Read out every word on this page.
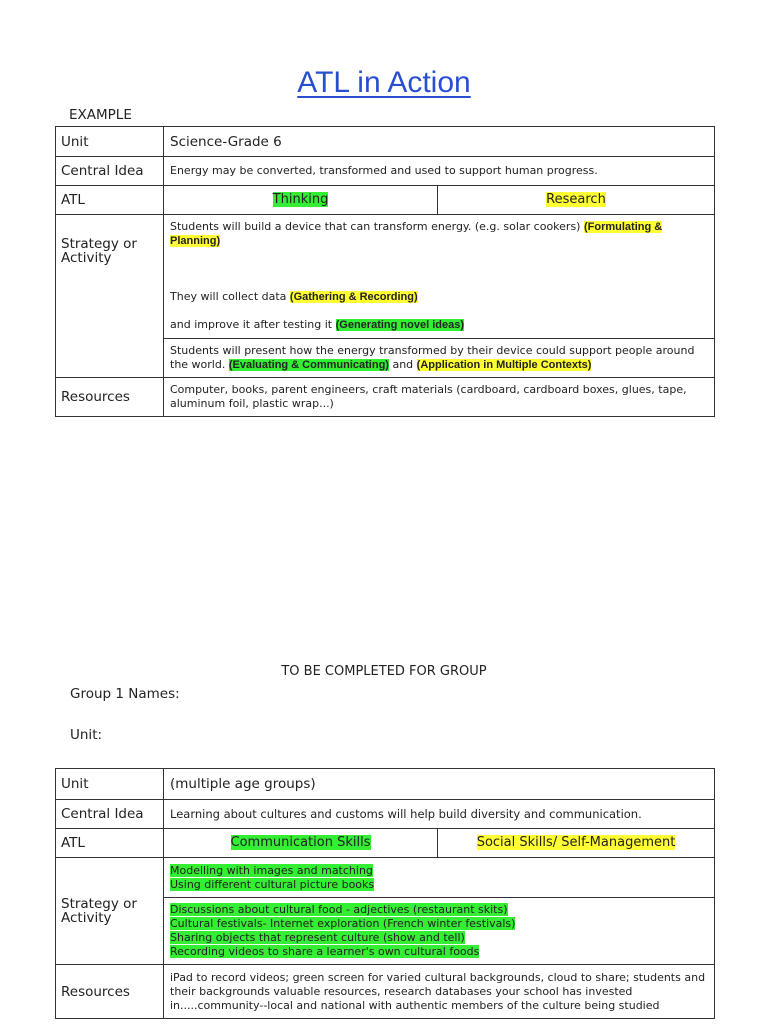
ATL in Action
EXAMPLE
Unit	Science-Grade 6	
Central Idea	Energy may be converted, transformed and used to support human progress.	
ATL	Thinking	Research
Strategy or Activity	Students will build a device that can transform energy. (e.g. solar cookers) (Formulating & Planning)
They will collect data (Gathering & Recording)
and improve it after testing it (Generating novel ideas)	

	Students will present how the energy transformed by their device could support people around the world. (Evaluating & Communicating) and (Application in Multiple Contexts)	
Resources	Computer, books, parent engineers, craft materials (cardboard, cardboard boxes, glues, tape, aluminum foil, plastic wrap...)	
TO BE COMPLETED FOR GROUP
Group 1 Names:
Unit:
Unit	(multiple age groups)	
Central Idea	Learning about cultures and customs will help build diversity and communication.	
ATL	Communication Skills	Social Skills/ Self-Management
Strategy or Activity	Modelling with images and matching
Using different cultural picture books	

	Discussions about cultural food - adjectives (restaurant skits)
Cultural festivals- Internet exploration (French winter festivals)
Sharing objects that represent culture (show and tell)
Recording videos to share a learner's own cultural foods	

Resources	iPad to record videos; green screen for varied cultural backgrounds, cloud to share; students and their backgrounds valuable resources, research databases your school has invested in.....community--local and national with authentic members of the culture being studied	
